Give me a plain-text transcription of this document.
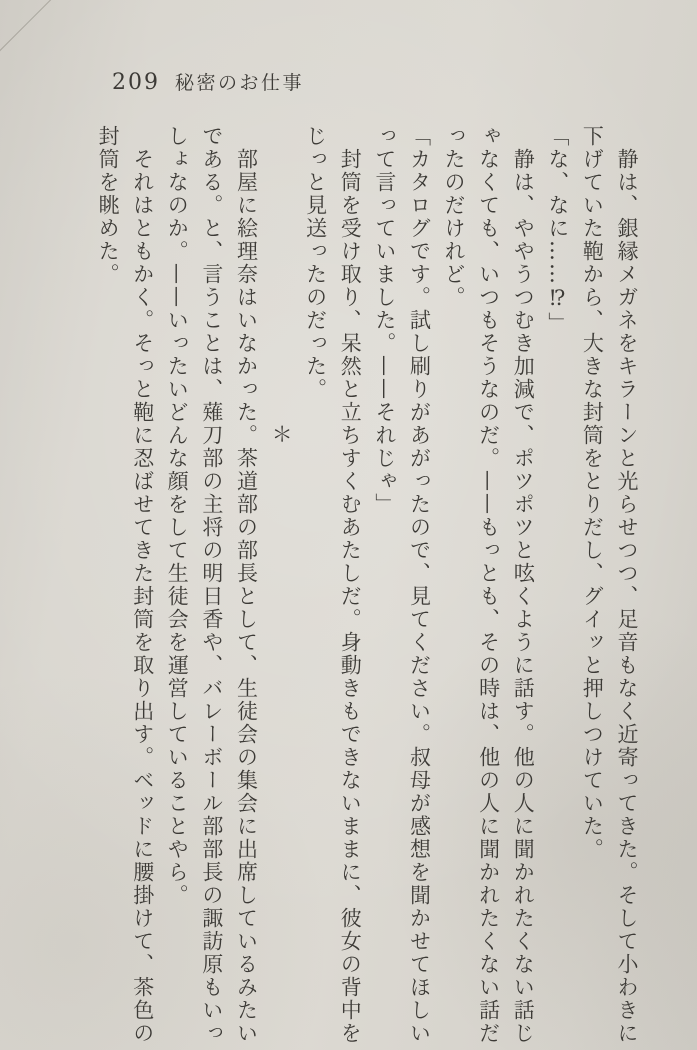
209 秘密のお仕事

　静は、銀縁メガネをキラーンと光らせつつ、足音もなく近寄ってきた。そして小わきに

下げていた鞄から、大きな封筒をとりだし、グイッと押しつけていた。

「な、なに……⁉」

　静は、ややうつむき加減で、ポツポツと呟くように話す。他の人に聞かれたくない話じ

ゃなくても、いつもそうなのだ。——もっとも、その時は、他の人に聞かれたくない話だ

ったのだけれど。

「カタログです。試し刷りがあがったので、見てください。叔母が感想を聞かせてほしい

って言っていました。——それじゃ」

　封筒を受け取り、呆然と立ちすくむあたしだ。身動きもできないままに、彼女の背中を

じっと見送ったのだった。

＊

　部屋に絵理奈はいなかった。茶道部の部長として、生徒会の集会に出席しているみたい

である。と、言うことは、薙刀部の主将の明日香や、バレーボール部部長の諏訪原もいっ

しょなのか。——いったいどんな顔をして生徒会を運営していることやら。

　それはともかく。そっと鞄に忍ばせてきた封筒を取り出す。ベッドに腰掛けて、茶色の

封筒を眺めた。
